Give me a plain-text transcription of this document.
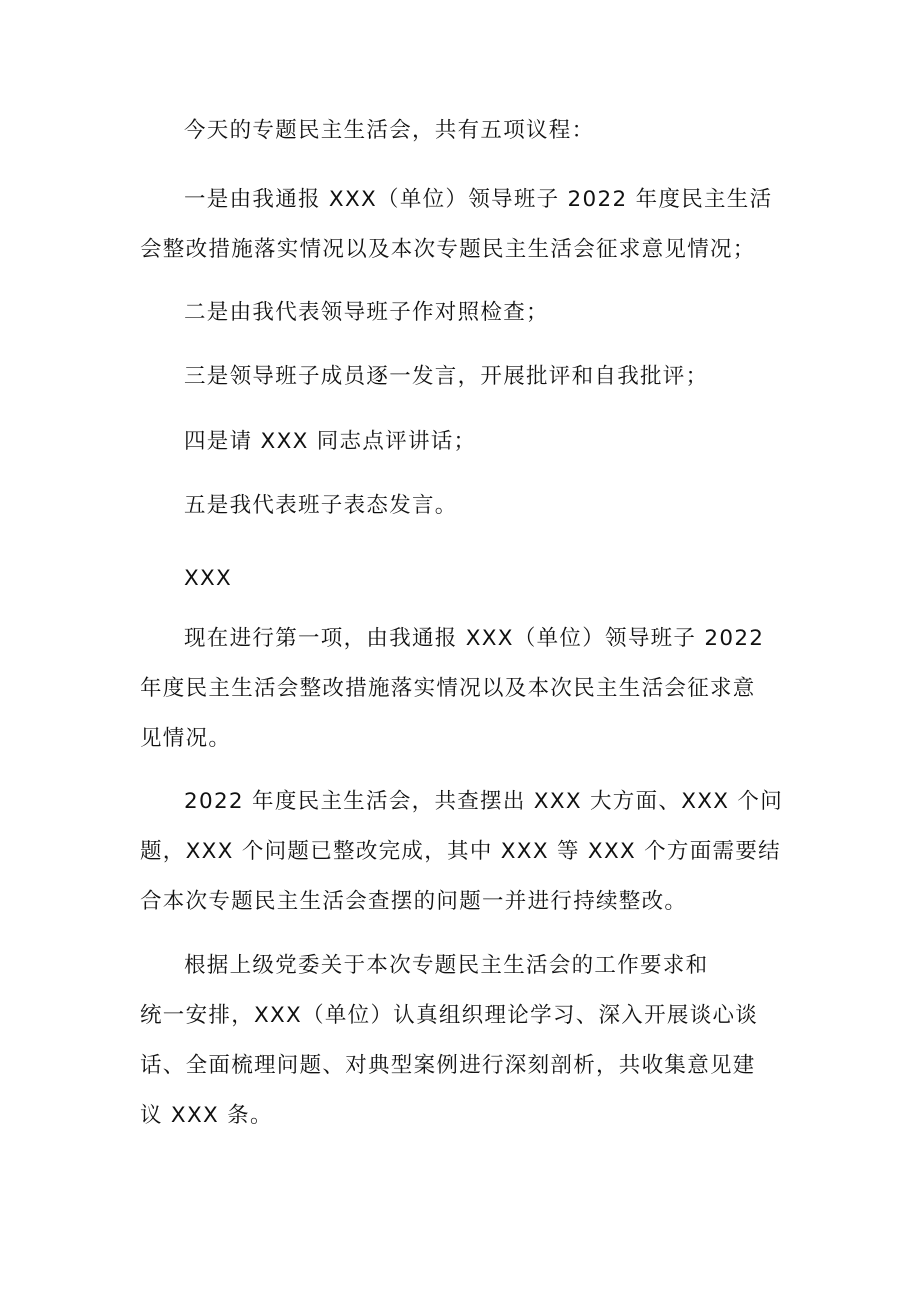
今天的专题民主生活会，共有五项议程：
一是由我通报 XXX（单位）领导班子 2022 年度民主生活
会整改措施落实情况以及本次专题民主生活会征求意见情况；
二是由我代表领导班子作对照检查；
三是领导班子成员逐一发言，开展批评和自我批评；
四是请 XXX 同志点评讲话；
五是我代表班子表态发言。
XXX
现在进行第一项，由我通报 XXX（单位）领导班子 2022
年度民主生活会整改措施落实情况以及本次民主生活会征求意
见情况。
2022 年度民主生活会，共查摆出 XXX 大方面、XXX 个问
题，XXX 个问题已整改完成，其中 XXX 等 XXX 个方面需要结
合本次专题民主生活会查摆的问题一并进行持续整改。
根据上级党委关于本次专题民主生活会的工作要求和
统一安排，XXX（单位）认真组织理论学习、深入开展谈心谈
话、全面梳理问题、对典型案例进行深刻剖析，共收集意见建
议 XXX 条。
